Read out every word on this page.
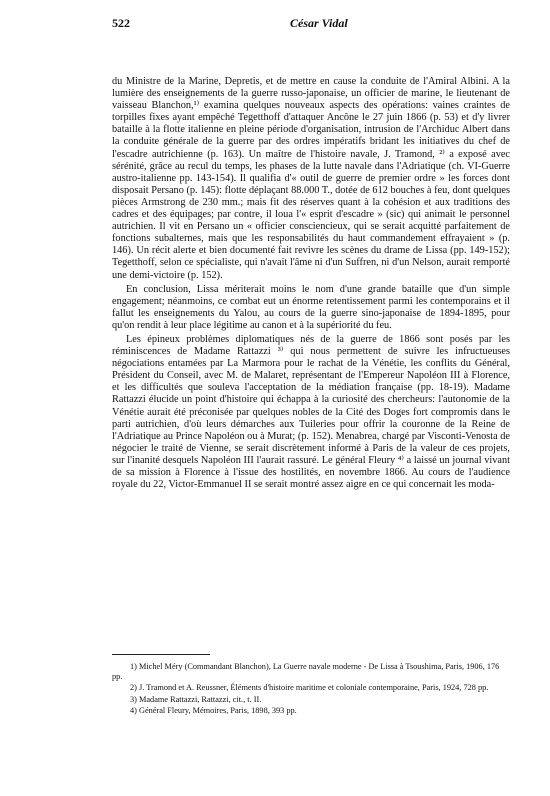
522	César Vidal

du Ministre de la Marine, Depretis, et de mettre en cause la conduite de l'Amiral Albini. A la lumière des enseignements de la guerre russo-japonaise, un officier de marine, le lieutenant de vaisseau Blanchon,¹⁾ examina quelques nouveaux aspects des opérations: vaines craintes de torpilles fixes ayant empêché Tegetthoff d'attaquer Ancône le 27 juin 1866 (p. 53) et d'y livrer bataille à la flotte italienne en pleine période d'organisation, intrusion de l'Archiduc Albert dans la conduite générale de la guerre par des ordres impératifs bridant les initiatives du chef de l'escadre autrichienne (p. 163). Un maître de l'histoire navale, J. Tramond, ²⁾ a exposé avec sérénité, grâce au recul du temps, les phases de la lutte navale dans l'Adriatique (ch. VI-Guerre austro-italienne pp. 143-154). Il qualifia d'« outil de guerre de premier ordre » les forces dont disposait Persano (p. 145): flotte déplaçant 88.000 T., dotée de 612 bouches à feu, dont quelques pièces Armstrong de 230 mm.; mais fit des réserves quant à la cohésion et aux traditions des cadres et des équipages; par contre, il loua l'« esprit d'escadre » (sic) qui animait le personnel autrichien. Il vit en Persano un « officier consciencieux, qui se serait acquitté parfaitement de fonctions subalternes, mais que les responsabilités du haut commandement effrayaient » (p. 146). Un récit alerte et bien documenté fait revivre les scènes du drame de Lissa (pp. 149-152); Tegetthoff, selon ce spécialiste, qui n'avait l'âme ni d'un Suffren, ni d'un Nelson, aurait remporté une demi-victoire (p. 152).

En conclusion, Lissa mériterait moins le nom d'une grande bataille que d'un simple engagement; néanmoins, ce combat eut un énorme retentissement parmi les contemporains et il fallut les enseignements du Yalou, au cours de la guerre sino-japonaise de 1894-1895, pour qu'on rendit à leur place légitime au canon et à la supériorité du feu.

Les épineux problèmes diplomatiques nés de la guerre de 1866 sont posés par les réminiscences de Madame Rattazzi ³⁾ qui nous permettent de suivre les infructueuses négociations entamées par La Marmora pour le rachat de la Vénétie, les conflits du Général, Président du Conseil, avec M. de Malaret, représentant de l'Empereur Napoléon III à Florence, et les difficultés que souleva l'acceptation de la médiation française (pp. 18-19). Madame Rattazzi élucide un point d'histoire qui échappa à la curiosité des chercheurs: l'autonomie de la Vénétie aurait été préconisée par quelques nobles de la Cité des Doges fort compromis dans le parti autrichien, d'où leurs démarches aux Tuileries pour offrir la couronne de la Reine de l'Adriatique au Prince Napoléon ou à Murat; (p. 152). Menabrea, chargé par Visconti-Venosta de négocier le traité de Vienne, se serait discrètement informé à Paris de la valeur de ces projets, sur l'inanité desquels Napoléon III l'aurait rassuré. Le général Fleury ⁴⁾ a laissé un journal vivant de sa mission à Florence à l'issue des hostilités, en novembre 1866. Au cours de l'audience royale du 22, Victor-Emmanuel II se serait montré assez aigre en ce qui concernait les moda-

1) Michel Méry (Commandant Blanchon), La Guerre navale moderne - De Lissa à Tsoushima, Paris, 1906, 176 pp.

2) J. Tramond et A. Reussner, Éléments d'histoire maritime et coloniale contemporaine, Paris, 1924, 728 pp.

3) Madame Rattazzi, Rattazzi, cit., t. II.

4) Général Fleury, Mémoires, Paris, 1898, 393 pp.
